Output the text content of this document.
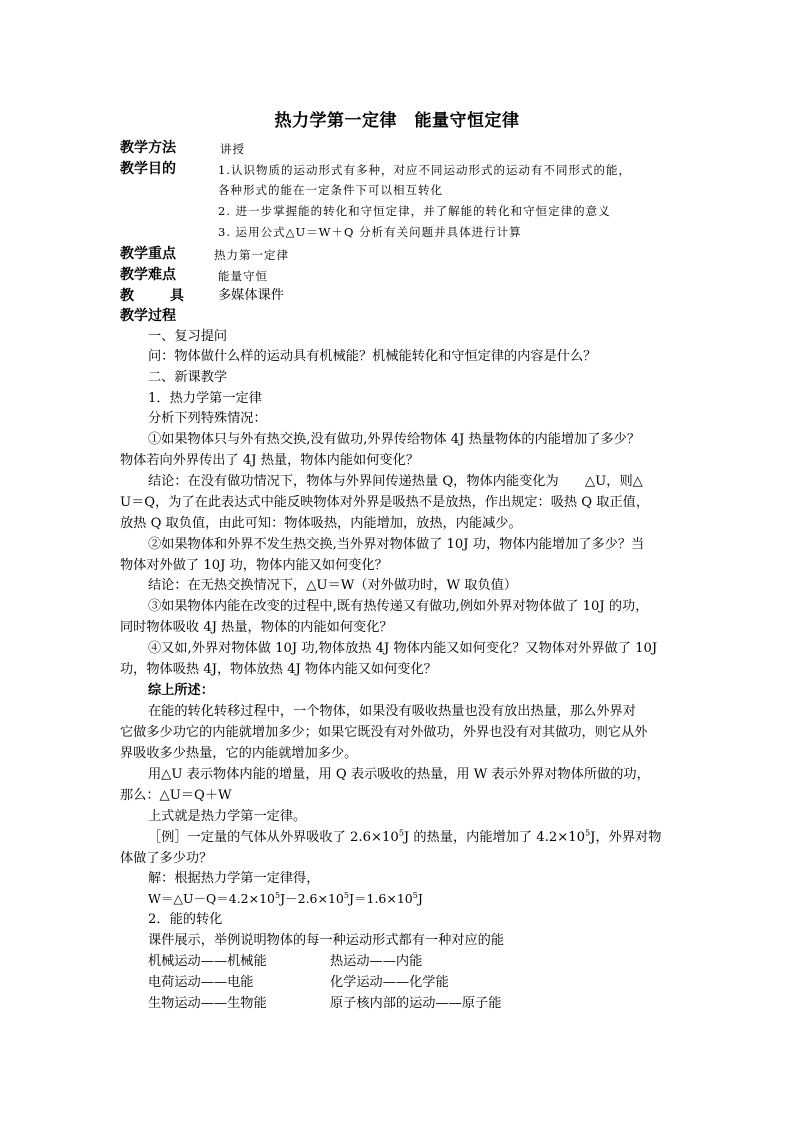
热力学第一定律　能量守恒定律
教学方法	讲授
教学目的	1.认识物质的运动形式有多种，对应不同运动形式的运动有不同形式的能，
各种形式的能在一定条件下可以相互转化
2. 进一步掌握能的转化和守恒定律，并了解能的转化和守恒定律的意义
3. 运用公式△U＝W＋Q 分析有关问题并具体进行计算
教学重点	热力第一定律
教学难点	能量守恒
教	具	多媒体课件
教学过程
一、复习提问
问：物体做什么样的运动具有机械能？机械能转化和守恒定律的内容是什么？
二、新课教学
1．热力学第一定律
分析下列特殊情况：
①如果物体只与外有热交换,没有做功,外界传给物体 4J 热量物体的内能增加了多少？
物体若向外界传出了 4J 热量，物体内能如何变化？
结论：在没有做功情况下，物体与外界间传递热量 Q，物体内能变化为　　△U，则△
U＝Q，为了在此表达式中能反映物体对外界是吸热不是放热，作出规定：吸热 Q 取正值，
放热 Q 取负值，由此可知：物体吸热，内能增加，放热，内能减少。
②如果物体和外界不发生热交换,当外界对物体做了 10J 功，物体内能增加了多少？当
物体对外做了 10J 功，物体内能又如何变化？
结论：在无热交换情况下，△U＝W（对外做功时，W 取负值）
③如果物体内能在改变的过程中,既有热传递又有做功,例如外界对物体做了 10J 的功，
同时物体吸收 4J 热量，物体的内能如何变化？
④又如,外界对物体做 10J 功,物体放热 4J 物体内能又如何变化？又物体对外界做了 10J
功，物体吸热 4J，物体放热 4J 物体内能又如何变化？
综上所述：
在能的转化转移过程中，一个物体，如果没有吸收热量也没有放出热量，那么外界对
它做多少功它的内能就增加多少；如果它既没有对外做功，外界也没有对其做功，则它从外
界吸收多少热量，它的内能就增加多少。
用△U 表示物体内能的增量，用 Q 表示吸收的热量，用 W 表示外界对物体所做的功，
那么：△U＝Q＋W
上式就是热力学第一定律。
［例］一定量的气体从外界吸收了 $2.6\times 10^5J$ 的热量，内能增加了 $4.2\times 10^5J$，外界对物
体做了多少功？
解：根据热力学第一定律得，
$W=\triangle U-Q=4.2\times 10^5J-2.6\times 10^5J=1.6\times 10^5J$
2．能的转化
课件展示，举例说明物体的每一种运动形式都有一种对应的能
机械运动——机械能	热运动——内能
电荷运动——电能	化学运动——化学能
生物运动——生物能	原子核内部的运动——原子能
